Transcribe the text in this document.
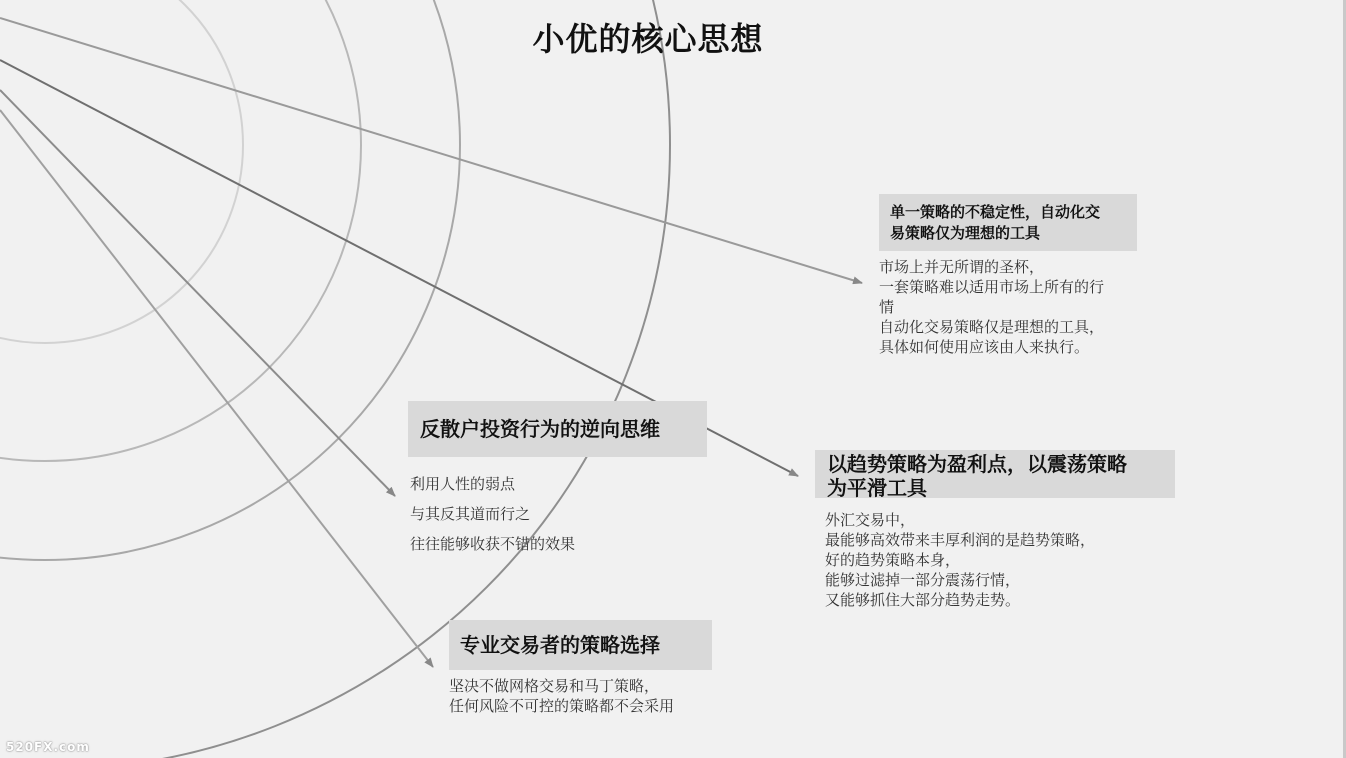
小优的核心思想
单一策略的不稳定性，自动化交
易策略仅为理想的工具
市场上并无所谓的圣杯，
一套策略难以适用市场上所有的行
情
自动化交易策略仅是理想的工具，
具体如何使用应该由人来执行。
反散户投资行为的逆向思维
利用人性的弱点
与其反其道而行之
往往能够收获不错的效果
以趋势策略为盈利点，以震荡策略
为平滑工具
外汇交易中，
最能够高效带来丰厚利润的是趋势策略，
好的趋势策略本身，
能够过滤掉一部分震荡行情，
又能够抓住大部分趋势走势。
专业交易者的策略选择
坚决不做网格交易和马丁策略，
任何风险不可控的策略都不会采用
520FX.com
